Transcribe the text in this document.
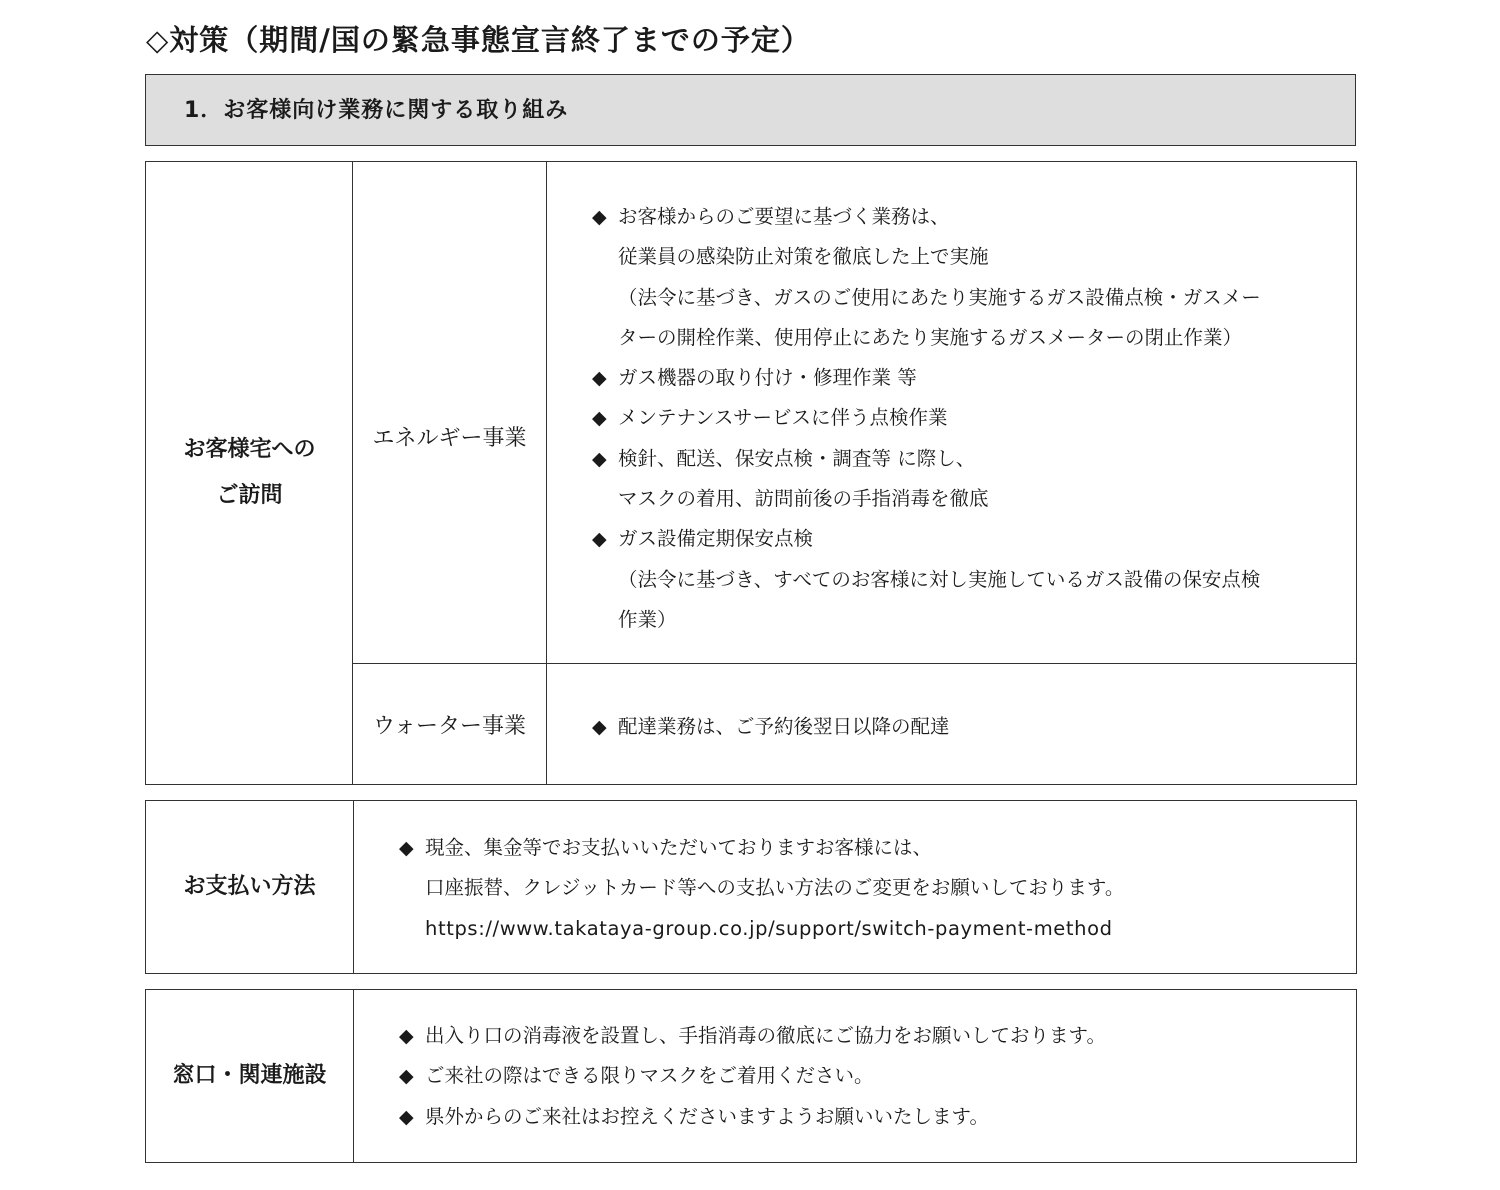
◇対策（期間/国の緊急事態宣言終了までの予定）
1．お客様向け業務に関する取り組み
お客様宅への
ご訪問
エネルギー事業
◆ お客様からのご要望に基づく業務は、
従業員の感染防止対策を徹底した上で実施
（法令に基づき、ガスのご使用にあたり実施するガス設備点検・ガスメー
ターの開栓作業、使用停止にあたり実施するガスメーターの閉止作業）
◆ ガス機器の取り付け・修理作業 等
◆ メンテナンスサービスに伴う点検作業
◆ 検針、配送、保安点検・調査等 に際し、
マスクの着用、訪問前後の手指消毒を徹底
◆ ガス設備定期保安点検
（法令に基づき、すべてのお客様に対し実施しているガス設備の保安点検
作業）
ウォーター事業
◆	配達業務は、ご予約後翌日以降の配達
お支払い方法
◆ 現金、集金等でお支払いいただいておりますお客様には、
口座振替、クレジットカード等への支払い方法のご変更をお願いしております。
https://www.takataya-group.co.jp/support/switch-payment-method
窓口・関連施設
◆ 出入り口の消毒液を設置し、手指消毒の徹底にご協力をお願いしております。
◆ ご来社の際はできる限りマスクをご着用ください。
◆ 県外からのご来社はお控えくださいますようお願いいたします。
